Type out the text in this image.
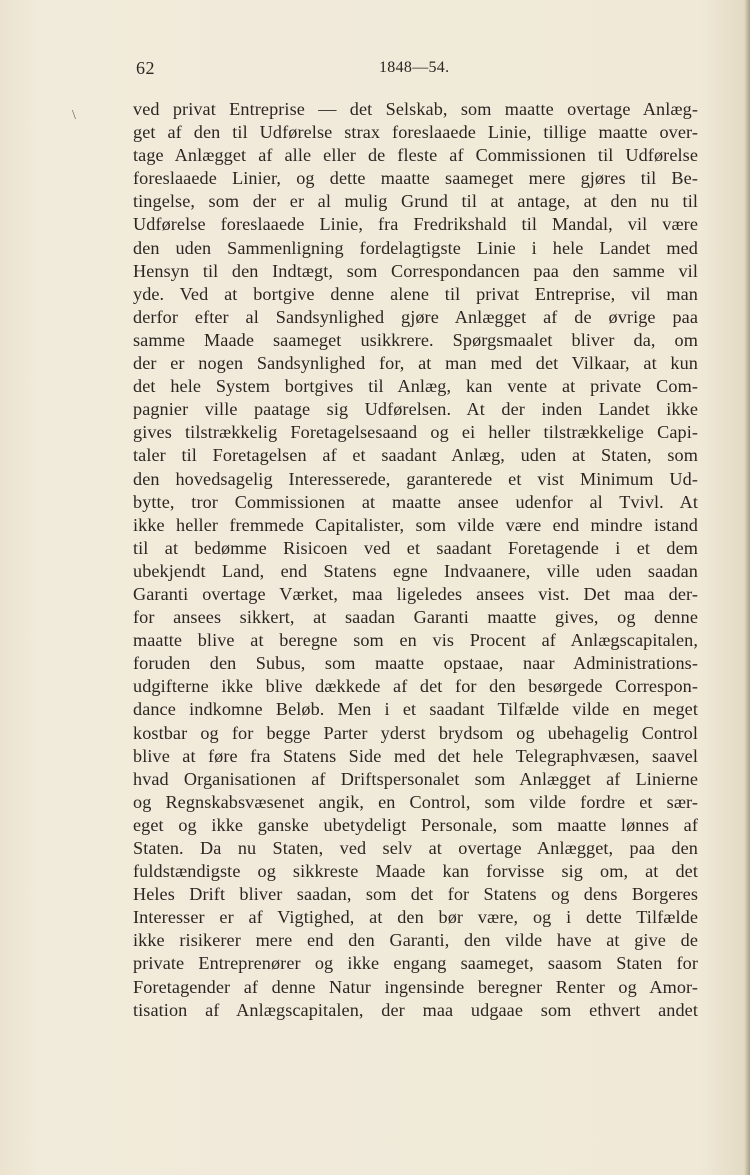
62	1848—54.
\	ved privat Entreprise — det Selskab, som maatte overtage Anlæg-
get af den til Udførelse strax foreslaaede Linie, tillige maatte over-
tage Anlægget af alle eller de fleste af Commissionen til Udførelse
foreslaaede Linier, og dette maatte saameget mere gjøres til Be-
tingelse, som der er al mulig Grund til at antage, at den nu til
Udførelse foreslaaede Linie, fra Fredrikshald til Mandal, vil være
den uden Sammenligning fordelagtigste Linie i hele Landet med
Hensyn til den Indtægt, som Correspondancen paa den samme vil
yde. Ved at bortgive denne alene til privat Entreprise, vil man
derfor efter al Sandsynlighed gjøre Anlægget af de øvrige paa
samme Maade saameget usikkrere. Spørgsmaalet bliver da, om
der er nogen Sandsynlighed for, at man med det Vilkaar, at kun
det hele System bortgives til Anlæg, kan vente at private Com-
pagnier ville paatage sig Udførelsen. At der inden Landet ikke
gives tilstrækkelig Foretagelsesaand og ei heller tilstrækkelige Capi-
taler til Foretagelsen af et saadant Anlæg, uden at Staten, som
den hovedsagelig Interesserede, garanterede et vist Minimum Ud-
bytte, tror Commissionen at maatte ansee udenfor al Tvivl. At
ikke heller fremmede Capitalister, som vilde være end mindre istand
til at bedømme Risicoen ved et saadant Foretagende i et dem
ubekjendt Land, end Statens egne Indvaanere, ville uden saadan
Garanti overtage Værket, maa ligeledes ansees vist. Det maa der-
for ansees sikkert, at saadan Garanti maatte gives, og denne
maatte blive at beregne som en vis Procent af Anlægscapitalen,
foruden den Subus, som maatte opstaae, naar Administrations-
udgifterne ikke blive dækkede af det for den besørgede Correspon-
dance indkomne Beløb. Men i et saadant Tilfælde vilde en meget
kostbar og for begge Parter yderst brydsom og ubehagelig Control
blive at føre fra Statens Side med det hele Telegraphvæsen, saavel
hvad Organisationen af Driftspersonalet som Anlægget af Linierne
og Regnskabsvæsenet angik, en Control, som vilde fordre et sær-
eget og ikke ganske ubetydeligt Personale, som maatte lønnes af
Staten. Da nu Staten, ved selv at overtage Anlægget, paa den
fuldstændigste og sikkreste Maade kan forvisse sig om, at det
Heles Drift bliver saadan, som det for Statens og dens Borgeres
Interesser er af Vigtighed, at den bør være, og i dette Tilfælde
ikke risikerer mere end den Garanti, den vilde have at give de
private Entreprenører og ikke engang saameget, saasom Staten for
Foretagender af denne Natur ingensinde beregner Renter og Amor-
tisation af Anlægscapitalen, der maa udgaae som ethvert andet
